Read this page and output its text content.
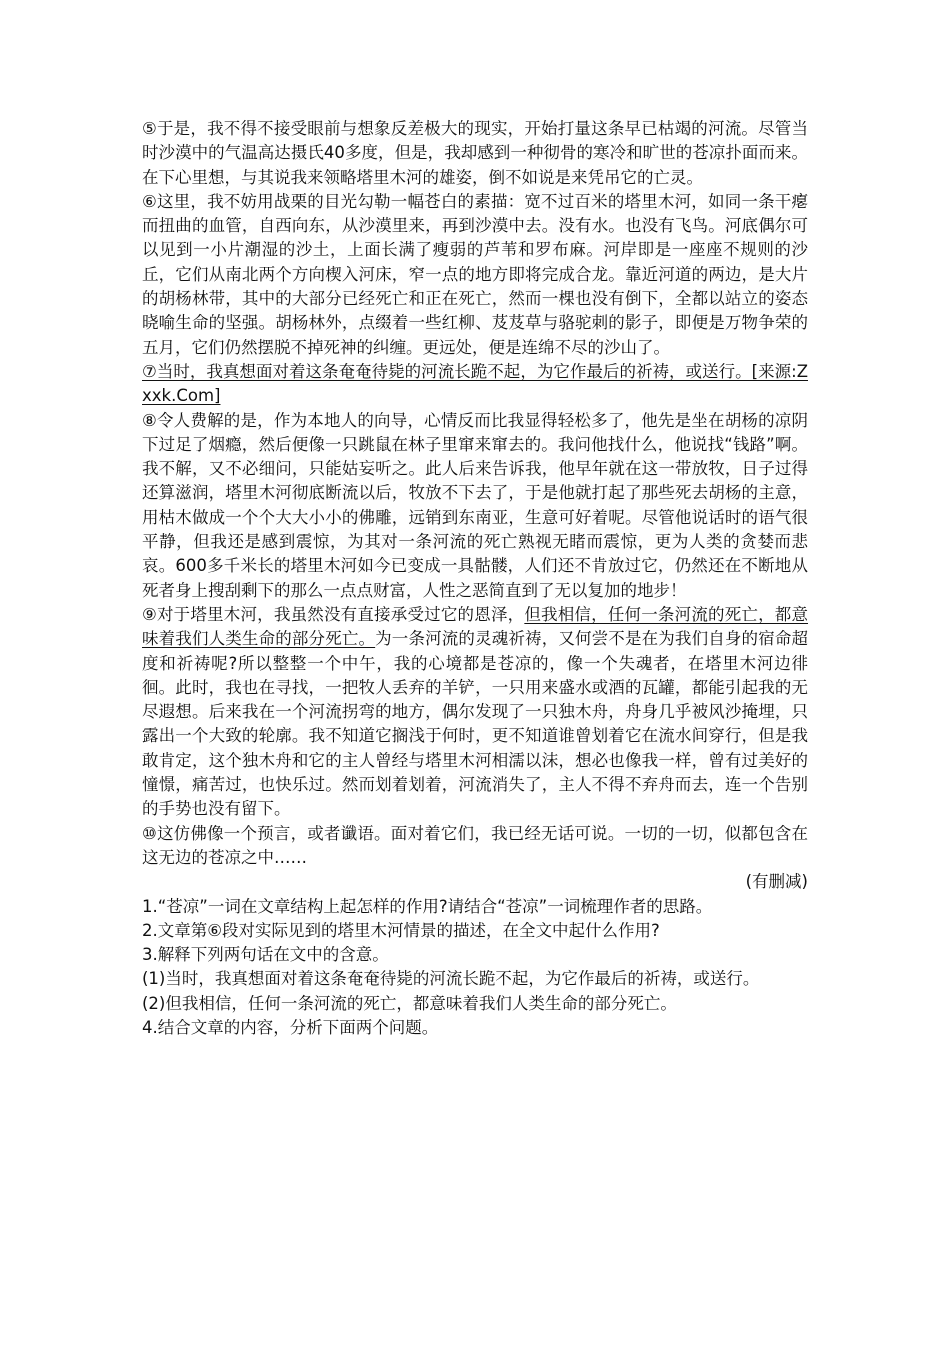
⑤于是，我不得不接受眼前与想象反差极大的现实，开始打量这条早已枯竭的河流。尽管当时沙漠中的气温高达摄氏40多度，但是，我却感到一种彻骨的寒冷和旷世的苍凉扑面而来。在下心里想，与其说我来领略塔里木河的雄姿，倒不如说是来凭吊它的亡灵。

⑥这里，我不妨用战栗的目光勾勒一幅苍白的素描：宽不过百米的塔里木河，如同一条干瘪而扭曲的血管，自西向东，从沙漠里来，再到沙漠中去。没有水。也没有飞鸟。河底偶尔可以见到一小片潮湿的沙土，上面长满了瘦弱的芦苇和罗布麻。河岸即是一座座不规则的沙丘，它们从南北两个方向楔入河床，窄一点的地方即将完成合龙。靠近河道的两边，是大片的胡杨林带，其中的大部分已经死亡和正在死亡，然而一棵也没有倒下，全都以站立的姿态晓喻生命的坚强。胡杨林外，点缀着一些红柳、芨芨草与骆驼刺的影子，即便是万物争荣的五月，它们仍然摆脱不掉死神的纠缠。更远处，便是连绵不尽的沙山了。

⑦当时，我真想面对着这条奄奄待毙的河流长跪不起，为它作最后的祈祷，或送行。[来源:Zxxk.Com]

⑧令人费解的是，作为本地人的向导，心情反而比我显得轻松多了，他先是坐在胡杨的凉阴下过足了烟瘾，然后便像一只跳鼠在林子里窜来窜去的。我问他找什么，他说找“钱路”啊。我不解，又不必细问，只能姑妄听之。此人后来告诉我，他早年就在这一带放牧，日子过得还算滋润，塔里木河彻底断流以后，牧放不下去了，于是他就打起了那些死去胡杨的主意，用枯木做成一个个大大小小的佛雕，远销到东南亚，生意可好着呢。尽管他说话时的语气很平静，但我还是感到震惊，为其对一条河流的死亡熟视无睹而震惊，更为人类的贪婪而悲哀。600多千米长的塔里木河如今已变成一具骷髅，人们还不肯放过它，仍然还在不断地从死者身上搜刮剩下的那么一点点财富，人性之恶简直到了无以复加的地步！

⑨对于塔里木河，我虽然没有直接承受过它的恩泽，但我相信，任何一条河流的死亡，都意味着我们人类生命的部分死亡。为一条河流的灵魂祈祷，又何尝不是在为我们自身的宿命超度和祈祷呢?所以整整一个中午，我的心境都是苍凉的，像一个失魂者，在塔里木河边徘徊。此时，我也在寻找，一把牧人丢弃的羊铲，一只用来盛水或酒的瓦罐，都能引起我的无尽遐想。后来我在一个河流拐弯的地方，偶尔发现了一只独木舟，舟身几乎被风沙掩埋，只露出一个大致的轮廓。我不知道它搁浅于何时，更不知道谁曾划着它在流水间穿行，但是我敢肯定，这个独木舟和它的主人曾经与塔里木河相濡以沫，想必也像我一样，曾有过美好的憧憬，痛苦过，也快乐过。然而划着划着，河流消失了，主人不得不弃舟而去，连一个告别的手势也没有留下。

⑩这仿佛像一个预言，或者谶语。面对着它们，我已经无话可说。一切的一切，似都包含在这无边的苍凉之中……

(有删减)

1.“苍凉”一词在文章结构上起怎样的作用?请结合“苍凉”一词梳理作者的思路。

2.文章第⑥段对实际见到的塔里木河情景的描述，在全文中起什么作用?

3.解释下列两句话在文中的含意。

(1)当时，我真想面对着这条奄奄待毙的河流长跪不起，为它作最后的祈祷，或送行。

(2)但我相信，任何一条河流的死亡，都意味着我们人类生命的部分死亡。

4.结合文章的内容，分析下面两个问题。
